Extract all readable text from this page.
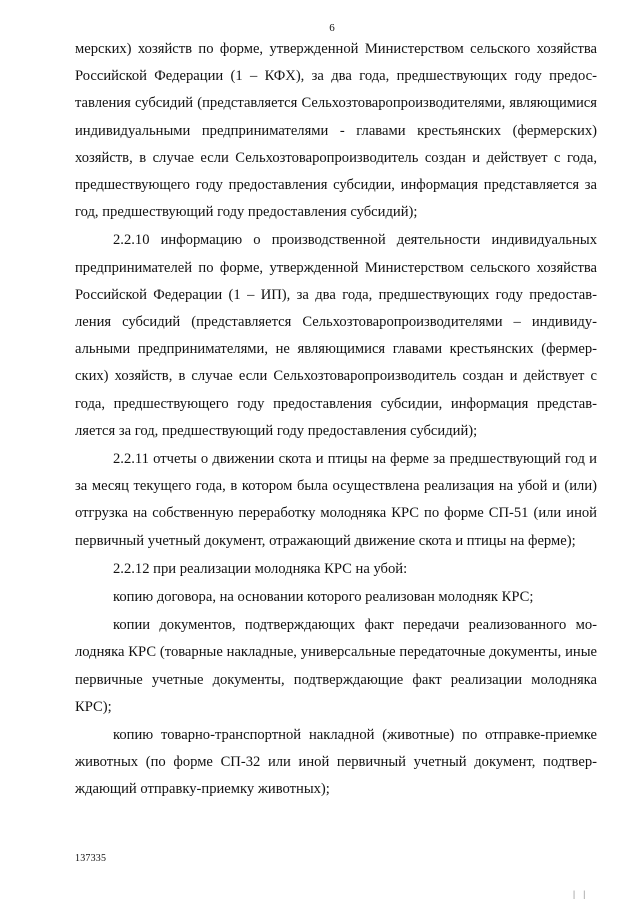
6

мерских) хозяйств по форме, утвержденной Министерством сельского хозяйства Российской Федерации (1 – КФХ), за два года, предшествующих году предоставления субсидий (представляется Сельхозтоваропроизводителями, являющимися индивидуальными предпринимателями - главами крестьянских (фермерских) хозяйств, в случае если Сельхозтоваропроизводитель создан и действует с года, предшествующего году предоставления субсидии, информация представляется за год, предшествующий году предоставления субсидий);

2.2.10 информацию о производственной деятельности индивидуальных предпринимателей по форме, утвержденной Министерством сельского хозяйства Российской Федерации (1 – ИП), за два года, предшествующих году предоставления субсидий (представляется Сельхозтоваропроизводителями – индивидуальными предпринимателями, не являющимися главами крестьянских (фермерских) хозяйств, в случае если Сельхозтоваропроизводитель создан и действует с года, предшествующего году предоставления субсидии, информация представляется за год, предшествующий году предоставления субсидий);

2.2.11 отчеты о движении скота и птицы на ферме за предшествующий год и за месяц текущего года, в котором была осуществлена реализация на убой и (или) отгрузка на собственную переработку молодняка КРС по форме СП-51 (или иной первичный учетный документ, отражающий движение скота и птицы на ферме);

2.2.12 при реализации молодняка КРС на убой:

копию договора, на основании которого реализован молодняк КРС;

копии документов, подтверждающих факт передачи реализованного молодняка КРС (товарные накладные, универсальные передаточные документы, иные первичные учетные документы, подтверждающие факт реализации молодняка КРС);

копию товарно-транспортной накладной (животные) по отправке-приемке животных (по форме СП-32 или иной первичный учетный документ, подтверждающий отправку-приемку животных);

137335
| |
